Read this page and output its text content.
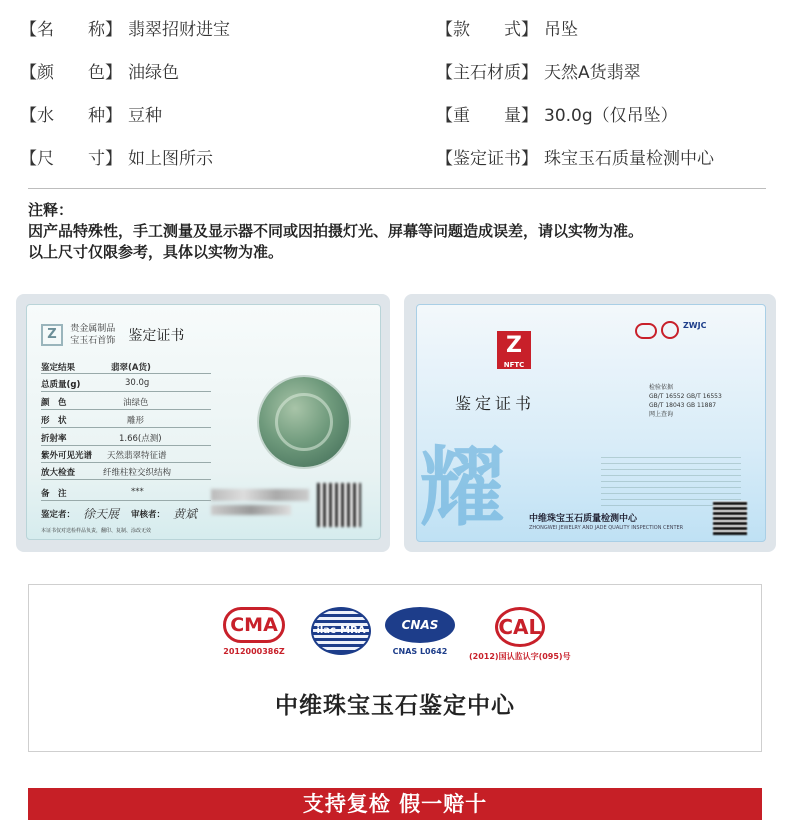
【名　　称】 翡翠招财进宝
【颜　　色】 油绿色
【水　　种】 豆种
【尺　　寸】 如上图所示
【款　　式】 吊坠
【主石材质】 天然A货翡翠
【重　　量】 30.0g（仅吊坠）
【鉴定证书】 珠宝玉石质量检测中心
注释：
因产品特殊性，手工测量及显示器不同或因拍摄灯光、屏幕等问题造成误差，请以实物为准。
以上尺寸仅限参考，具体以实物为准。
Z 贵金属制品
宝玉石首饰 鉴定证书
鉴定结果	翡翠(A货)
总质量(g)	30.0g
颜　色	油绿色
形　状	雕形
折射率	1.66(点测)
紫外可见光谱 天然翡翠特征谱
放大检查	纤维柱粒交织结构
备　注	***
鉴定者： 徐天展 审核者： 黄斌
本证书仅对送检样品负责，翻印、复制、涂改无效
Z
NFTC
鉴定证书
耀
$^{ZWJC}$
检验依据
GB/T 16552 GB/T 16553
GB/T 18043 GB 11887
网上查询
中维珠宝玉石质量检测中心
ZHONGWEI JEWELRY AND JADE QUALITY INSPECTION CENTER
CMA
2012000386Z
ilac-MRA	CNAS
CNAS L0642
CAL
(2012)国认监认字(095)号
中维珠宝玉石鉴定中心
支持复检 假一赔十
